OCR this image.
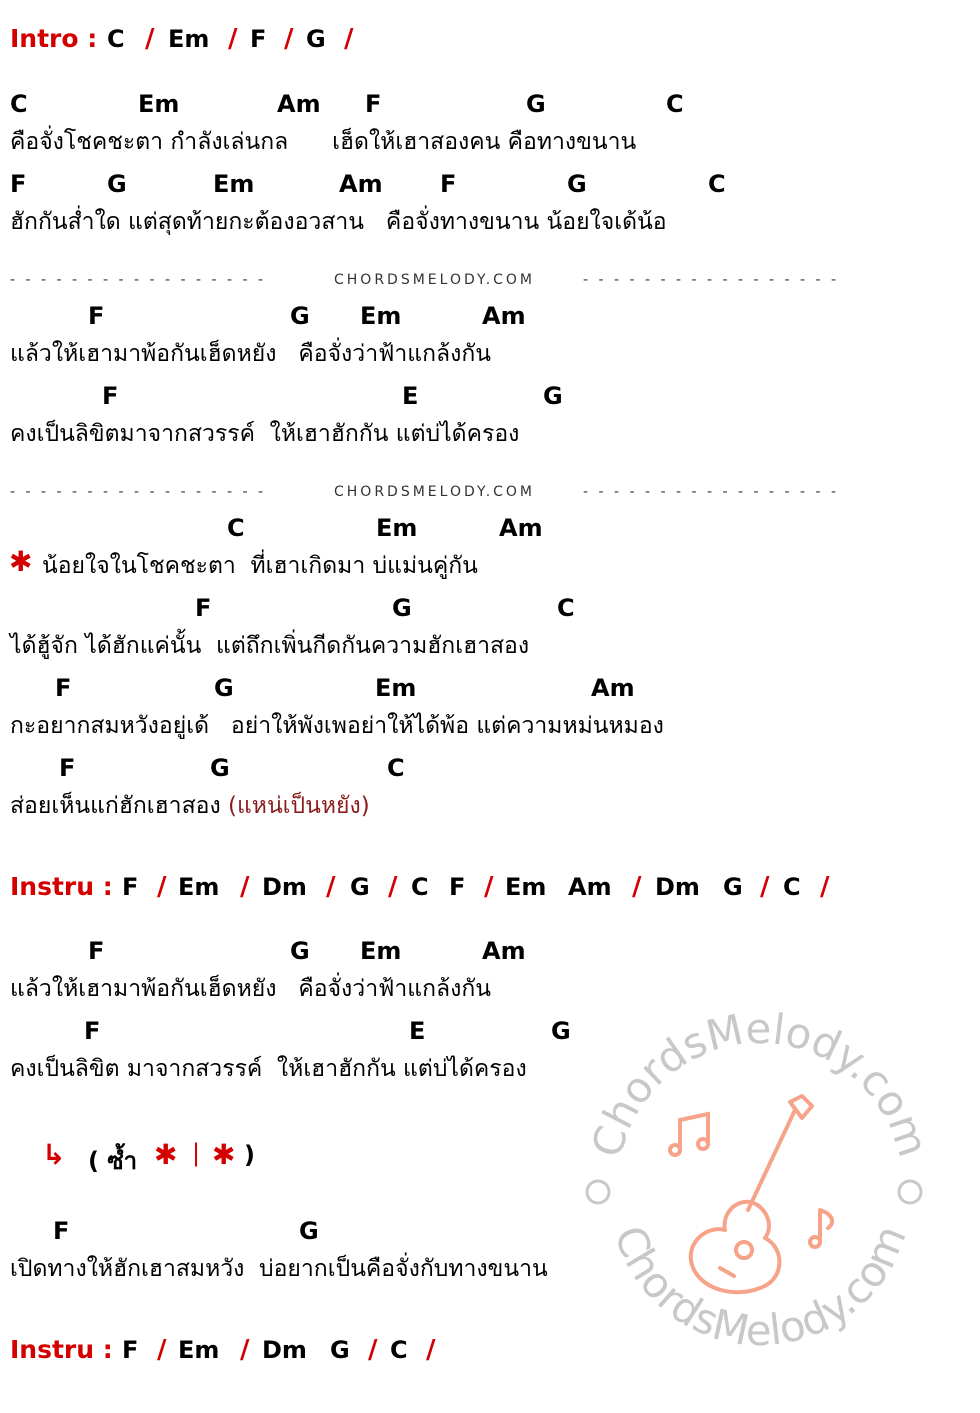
Intro : C / Em / F / G /
C	Em	Am F	G	C
คือจั่งโชคชะตา กำลังเล่นกล      เฮ็ดให้เฮาสองคน คือทางขนาน
F	G	Em	Am F	G	C
ฮักกันส่ำใด แต่สุดท้ายกะต้องอวสาน   คือจั่งทางขนาน น้อยใจเด้น้อ
- - - - - - - - - - - - - - - - -	CHORDSMELODY.COM	- - - - - - - - - - - - - - - - -
F	G Em	Am
แล้วให้เฮามาพ้อกันเฮ็ดหยัง   คือจั่งว่าฟ้าแกล้งกัน
F	E	G
คงเป็นลิขิตมาจากสวรรค์  ให้เฮาฮักกัน แต่บ่ได้ครอง
- - - - - - - - - - - - - - - - -	CHORDSMELODY.COM	- - - - - - - - - - - - - - - - -
C	Em	Am
✱ น้อยใจในโชคชะตา  ที่เฮาเกิดมา บ่แม่นคู่กัน
F	G	C
ได้ฮู้จัก ได้ฮักแค่นั้น  แต่ถึกเพิ่นกีดกันความฮักเฮาสอง
F	G	Em	Am
กะอยากสมหวังอยู่เด้   อย่าให้พังเพอย่าให้ได้พ้อ แต่ความหม่นหมอง
F	G	C
ส่อยเห็นแก่ฮักเฮาสอง (แหน่เป็นหยัง)
Instru : F / Em / Dm / G / C F / Em Am / Dm G / C /
F	G Em	Am
แล้วให้เฮามาพ้อกันเฮ็ดหยัง   คือจั่งว่าฟ้าแกล้งกัน
F	E	G
คงเป็นลิขิต มาจากสวรรค์  ให้เฮาฮักกัน แต่บ่ได้ครอง
↳ ( ซ้ำ ✱ | ✱ )
F	G
เปิดทางให้ฮักเฮาสมหวัง  บ่อยากเป็นคือจั่งกับทางขนาน
Instru : F / Em / Dm G / C /
ChordsMelody.com
ChordsMelody.com
